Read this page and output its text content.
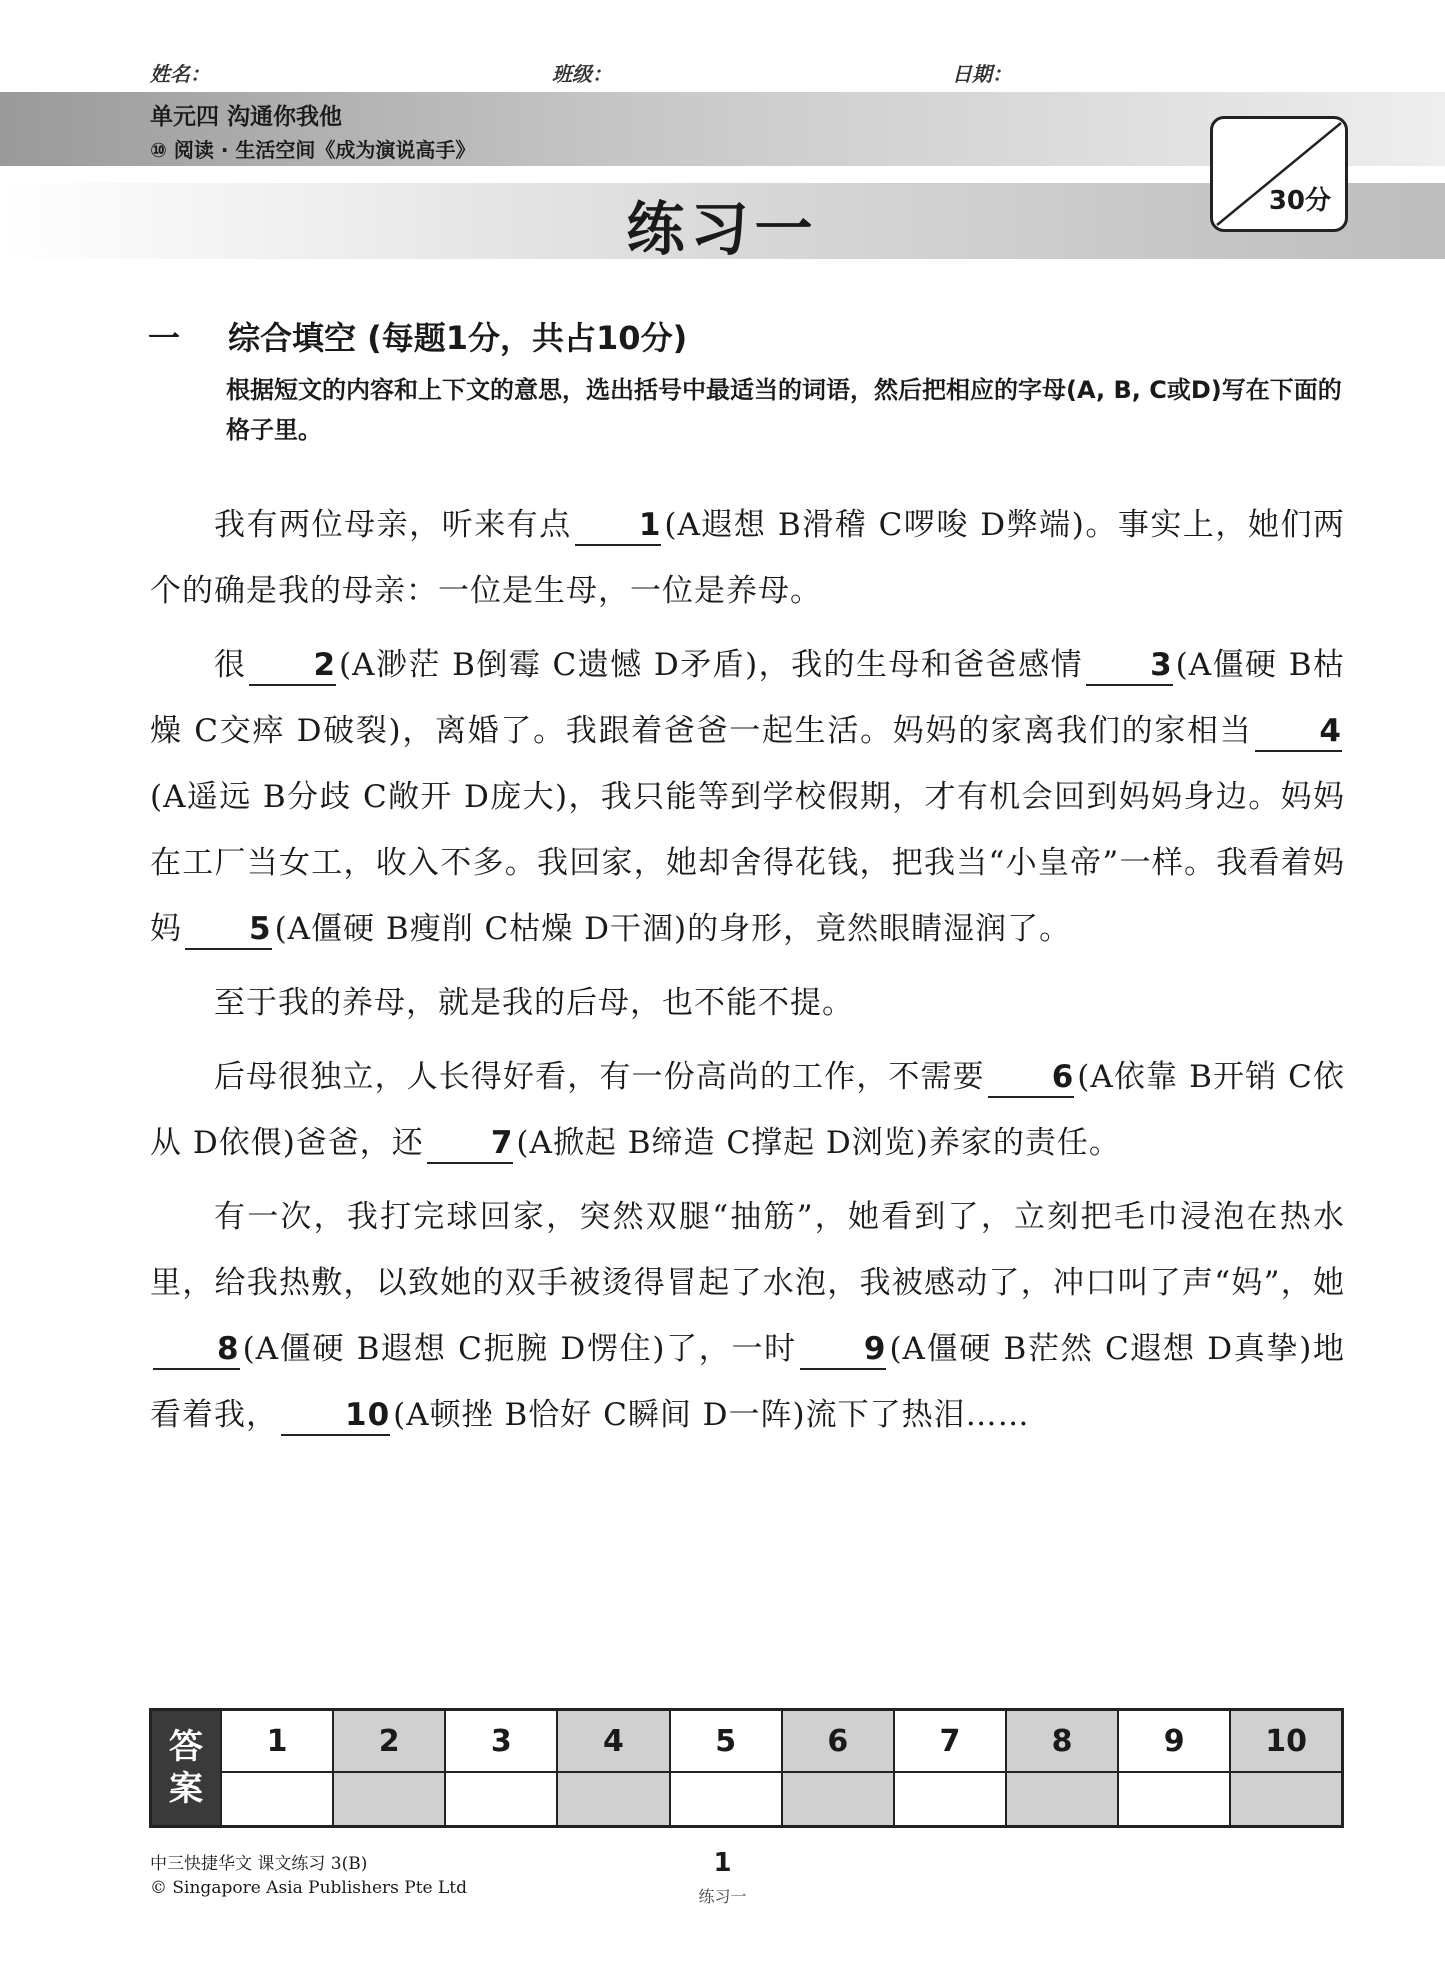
姓名：	班级：	日期：
单元四 沟通你我他
⑩ 阅读 · 生活空间《成为演说高手》
练习一	30分
一 综合填空 (每题1分，共占10分)
根据短文的内容和上下文的意思，选出括号中最适当的词语，然后把相应的字母(A, B, C或D)写在下面的格子里。

我有两位母亲，听来有点 1(A遐想 B滑稽 C啰唆 D弊端)。事实上，她们两个的确是我的母亲：一位是生母，一位是养母。

很 2(A渺茫 B倒霉 C遗憾 D矛盾)，我的生母和爸爸感情 3(A僵硬 B枯燥 C交瘁 D破裂)，离婚了。我跟着爸爸一起生活。妈妈的家离我们的家相当 4(A遥远 B分歧 C敞开 D庞大)，我只能等到学校假期，才有机会回到妈妈身边。妈妈在工厂当女工，收入不多。我回家，她却舍得花钱，把我当“小皇帝”一样。我看着妈妈 5(A僵硬 B瘦削 C枯燥 D干涸)的身形，竟然眼睛湿润了。

至于我的养母，就是我的后母，也不能不提。

后母很独立，人长得好看，有一份高尚的工作，不需要 6(A依靠 B开销 C依从 D依偎)爸爸，还 7(A掀起 B缔造 C撑起 D浏览)养家的责任。

有一次，我打完球回家，突然双腿“抽筋”，她看到了，立刻把毛巾浸泡在热水里，给我热敷，以致她的双手被烫得冒起了水泡，我被感动了，冲口叫了声“妈”，她8(A僵硬 B遐想 C扼腕 D愣住)了，一时 9(A僵硬 B茫然 C遐想 D真挚)地看着我， 10(A顿挫 B恰好 C瞬间 D一阵)流下了热泪……

答案	1	2	3	4	5	6	7	8	9	10

中三快捷华文 课文练习 3(B)
© Singapore Asia Publishers Pte Ltd
1
练习一
